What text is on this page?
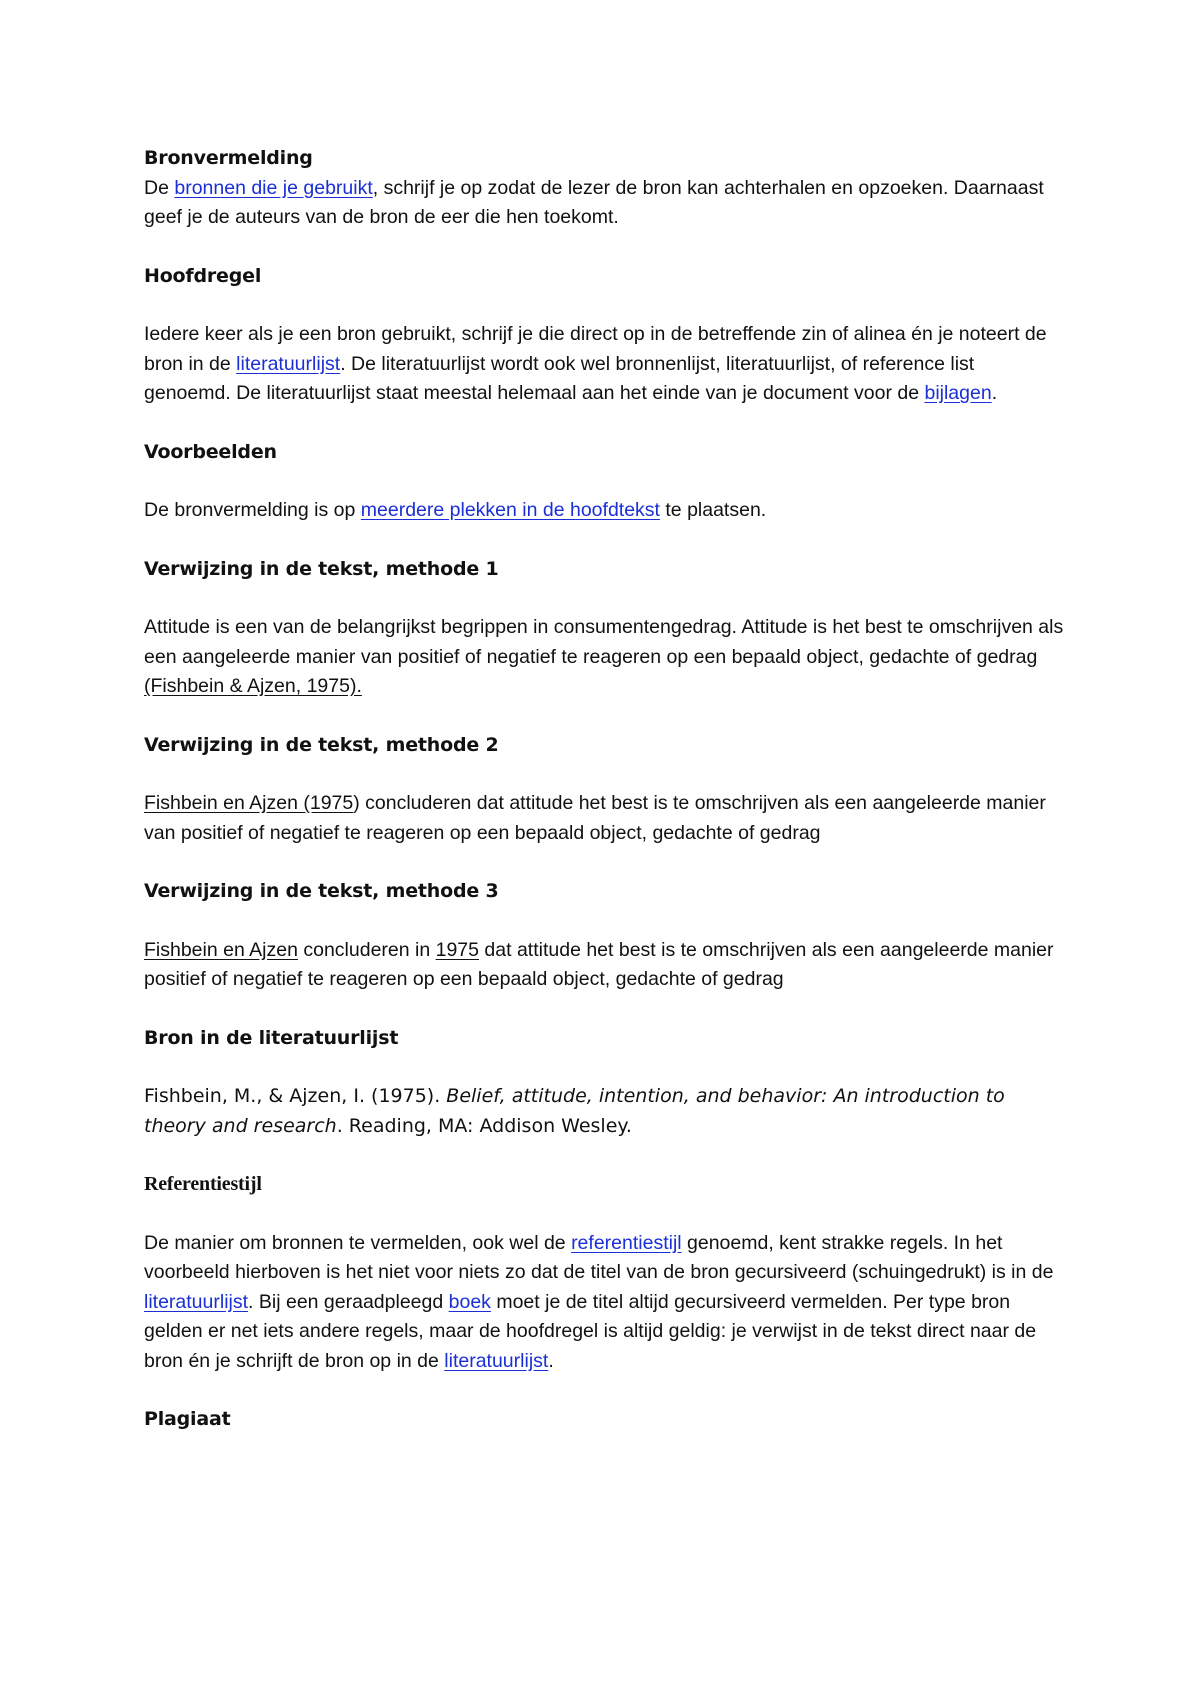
Bronvermelding

De bronnen die je gebruikt, schrijf je op zodat de lezer de bron kan achterhalen en opzoeken. Daarnaast geef je de auteurs van de bron de eer die hen toekomt.

Hoofdregel

Iedere keer als je een bron gebruikt, schrijf je die direct op in de betreffende zin of alinea én je noteert de bron in de literatuurlijst. De literatuurlijst wordt ook wel bronnenlijst, literatuurlijst, of reference list genoemd. De literatuurlijst staat meestal helemaal aan het einde van je document voor de bijlagen.

Voorbeelden

De bronvermelding is op meerdere plekken in de hoofdtekst te plaatsen.

Verwijzing in de tekst, methode 1

Attitude is een van de belangrijkst begrippen in consumentengedrag. Attitude is het best te omschrijven als een aangeleerde manier van positief of negatief te reageren op een bepaald object, gedachte of gedrag (Fishbein & Ajzen, 1975).

Verwijzing in de tekst, methode 2

Fishbein en Ajzen (1975) concluderen dat attitude het best is te omschrijven als een aangeleerde manier van positief of negatief te reageren op een bepaald object, gedachte of gedrag

Verwijzing in de tekst, methode 3

Fishbein en Ajzen concluderen in 1975 dat attitude het best is te omschrijven als een aangeleerde manier positief of negatief te reageren op een bepaald object, gedachte of gedrag

Bron in de literatuurlijst

Fishbein, M., & Ajzen, I. (1975). Belief, attitude, intention, and behavior: An introduction to theory and research. Reading, MA: Addison Wesley.

Referentiestijl

De manier om bronnen te vermelden, ook wel de referentiestijl genoemd, kent strakke regels. In het voorbeeld hierboven is het niet voor niets zo dat de titel van de bron gecursiveerd (schuingedrukt) is in de literatuurlijst. Bij een geraadpleegd boek moet je de titel altijd gecursiveerd vermelden. Per type bron gelden er net iets andere regels, maar de hoofdregel is altijd geldig: je verwijst in de tekst direct naar de bron én je schrijft de bron op in de literatuurlijst.

Plagiaat
